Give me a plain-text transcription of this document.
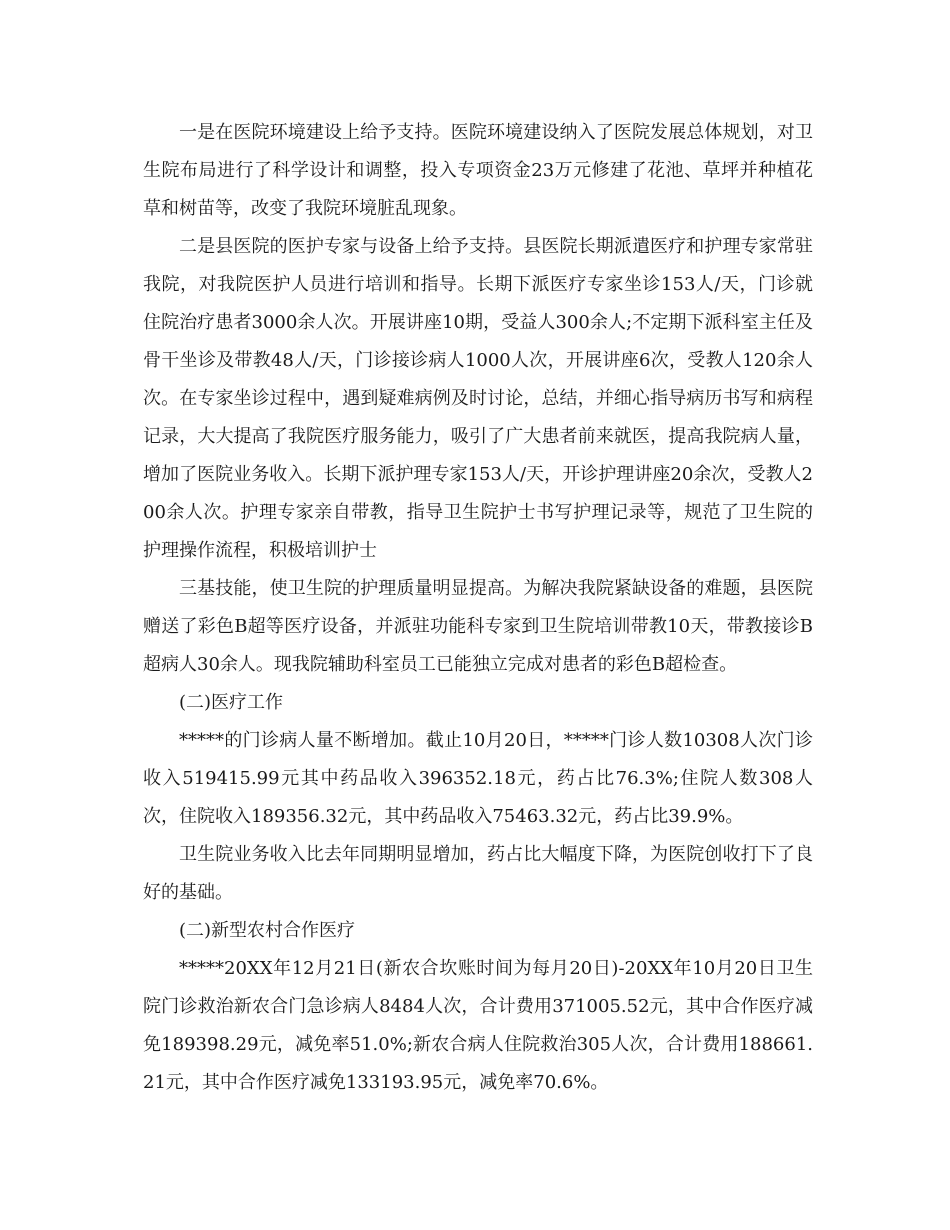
一是在医院环境建设上给予支持。医院环境建设纳入了医院发展总体规划，对卫生院布局进行了科学设计和调整，投入专项资金23万元修建了花池、草坪并种植花草和树苗等，改变了我院环境脏乱现象。

二是县医院的医护专家与设备上给予支持。县医院长期派遣医疗和护理专家常驻我院，对我院医护人员进行培训和指导。长期下派医疗专家坐诊153人/天，门诊就住院治疗患者3000余人次。开展讲座10期，受益人300余人;不定期下派科室主任及骨干坐诊及带教48人/天，门诊接诊病人1000人次，开展讲座6次，受教人120余人次。在专家坐诊过程中，遇到疑难病例及时讨论，总结，并细心指导病历书写和病程记录，大大提高了我院医疗服务能力，吸引了广大患者前来就医，提高我院病人量，增加了医院业务收入。长期下派护理专家153人/天，开诊护理讲座20余次，受教人200余人次。护理专家亲自带教，指导卫生院护士书写护理记录等，规范了卫生院的护理操作流程，积极培训护士

三基技能，使卫生院的护理质量明显提高。为解决我院紧缺设备的难题，县医院赠送了彩色B超等医疗设备，并派驻功能科专家到卫生院培训带教10天，带教接诊B超病人30余人。现我院辅助科室员工已能独立完成对患者的彩色B超检查。

(二)医疗工作

*****的门诊病人量不断增加。截止10月20日，*****门诊人数10308人次门诊收入519415.99元其中药品收入396352.18元，药占比76.3%;住院人数308人次，住院收入189356.32元，其中药品收入75463.32元，药占比39.9%。

卫生院业务收入比去年同期明显增加，药占比大幅度下降，为医院创收打下了良好的基础。

(二)新型农村合作医疗

*****20XX年12月21日(新农合坎账时间为每月20日)-20XX年10月20日卫生院门诊救治新农合门急诊病人8484人次，合计费用371005.52元，其中合作医疗减免189398.29元，减免率51.0%;新农合病人住院救治305人次，合计费用188661.21元，其中合作医疗减免133193.95元，减免率70.6%。
